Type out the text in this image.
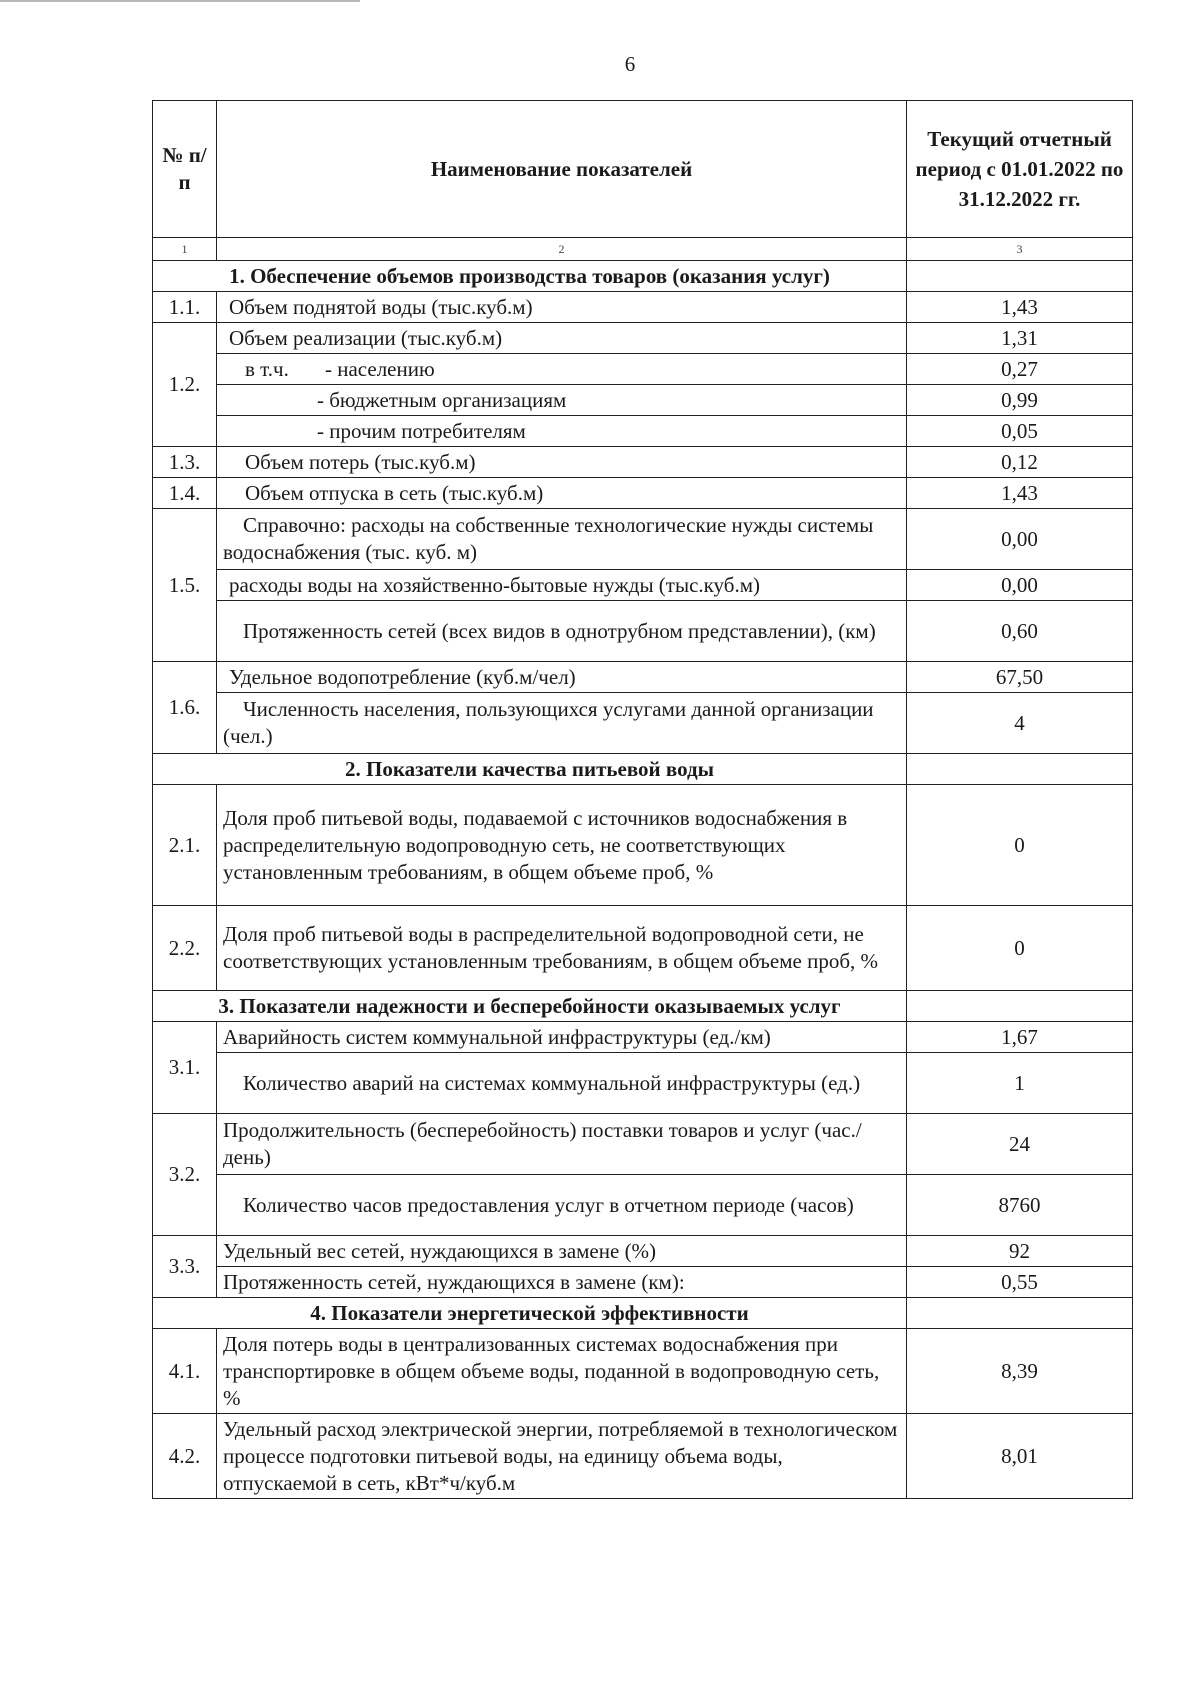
6
№ п/п	Наименование показателей	Текущий отчетный период с 01.01.2022 по 31.12.2022 гг.
1	2	3
1. Обеспечение объемов производства товаров (оказания услуг)		
1.1.	Объем поднятой воды (тыс.куб.м)	1,43
1.2.	Объем реализации (тыс.куб.м)	1,31
	в т.ч. - населению	0,27
	- бюджетным организациям	0,99
	- прочим потребителям	0,05
1.3.	Объем потерь (тыс.куб.м)	0,12
1.4.	Объем отпуска в сеть (тыс.куб.м)	1,43
1.5.	Справочно: расходы на собственные технологические нужды системы водоснабжения (тыс. куб. м)	0,00
	расходы воды на хозяйственно-бытовые нужды (тыс.куб.м)	0,00
	Протяженность сетей (всех видов в однотрубном представлении), (км)	0,60
1.6.	Удельное водопотребление (куб.м/чел)	67,50
	Численность населения, пользующихся услугами данной организации (чел.)	4
2. Показатели качества питьевой воды		
2.1.	Доля проб питьевой воды, подаваемой с источников водоснабжения в распределительную водопроводную сеть, не соответствующих установленным требованиям, в общем объеме проб, %	0
2.2.	Доля проб питьевой воды в распределительной водопроводной сети, не соответствующих установленным требованиям, в общем объеме проб, %	0
3. Показатели надежности и бесперебойности оказываемых услуг		
3.1.	Аварийность систем коммунальной инфраструктуры (ед./км)	1,67
	Количество аварий на системах коммунальной инфраструктуры (ед.)	1
3.2.	Продолжительность (бесперебойность) поставки товаров и услуг (час./день)	24
	Количество часов предоставления услуг в отчетном периоде (часов)	8760
3.3.	Удельный вес сетей, нуждающихся в замене (%)	92
	Протяженность сетей, нуждающихся в замене (км):	0,55
4. Показатели энергетической эффективности		
4.1.	Доля потерь воды в централизованных системах водоснабжения при транспортировке в общем объеме воды, поданной в водопроводную сеть, %	8,39
4.2.	Удельный расход электрической энергии, потребляемой в технологическом процессе подготовки питьевой воды, на единицу объема воды, отпускаемой в сеть, кВт*ч/куб.м	8,01
